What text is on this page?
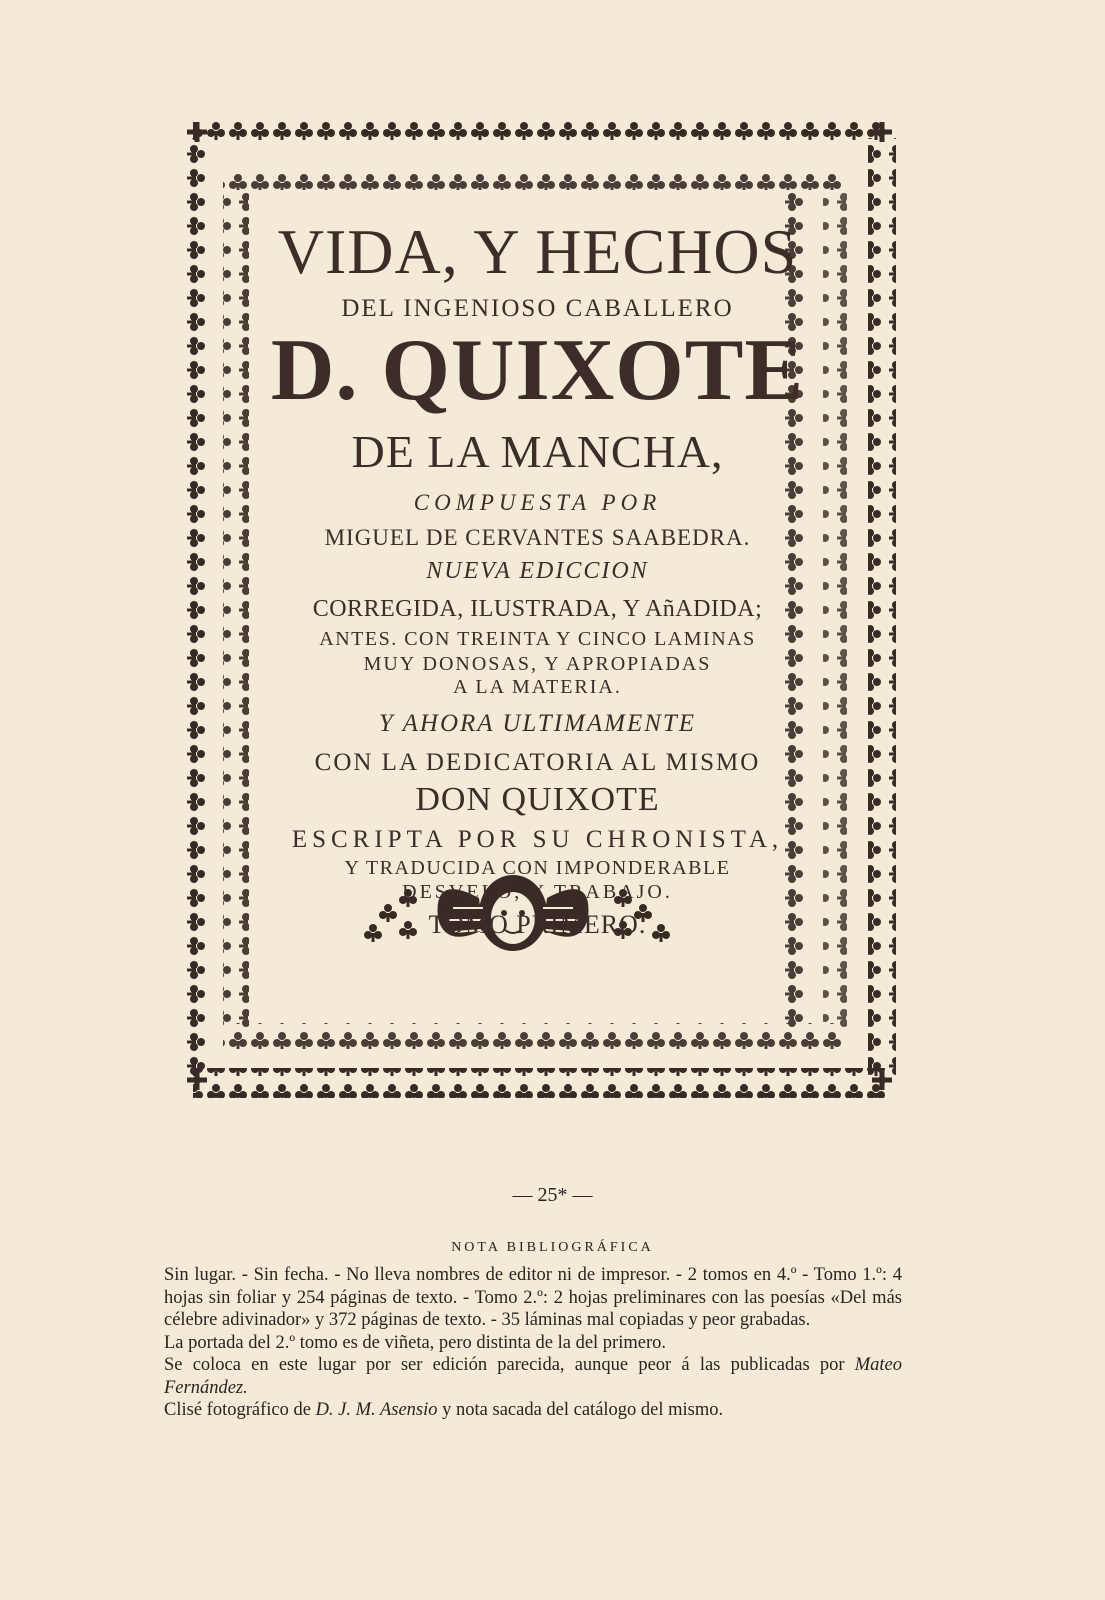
VIDA, Y HECHOS
DEL INGENIOSO CABALLERO
D. QUIXOTE
DE LA MANCHA,
COMPUESTA POR
MIGUEL DE CERVANTES SAABEDRA.
NUEVA EDICCION
CORREGIDA, ILUSTRADA, Y AñADIDA;
ANTES. CON TREINTA Y CINCO LAMINAS
MUY DONOSAS, Y APROPIADAS
A LA MATERIA.
Y AHORA ULTIMAMENTE
CON LA DEDICATORIA AL MISMO
DON QUIXOTE
ESCRIPTA POR SU CHRONISTA,
Y TRADUCIDA CON IMPONDERABLE
DESVELO, Y TRABAJO.
TOMO PRIMERO.
— 25* —
NOTA BIBLIOGRÁFICA

Sin lugar. - Sin fecha. - No lleva nombres de editor ni de impresor. - 2 tomos en 4.º - Tomo 1.º: 4 hojas sin foliar y 254 páginas de texto. - Tomo 2.º: 2 hojas preliminares con las poesías «Del más célebre adivinador» y 372 páginas de texto. - 35 láminas mal copiadas y peor grabadas.

La portada del 2.º tomo es de viñeta, pero distinta de la del primero.

Se coloca en este lugar por ser edición parecida, aunque peor á las publicadas por Mateo Fernández.

Clisé fotográfico de D. J. M. Asensio y nota sacada del catálogo del mismo.
